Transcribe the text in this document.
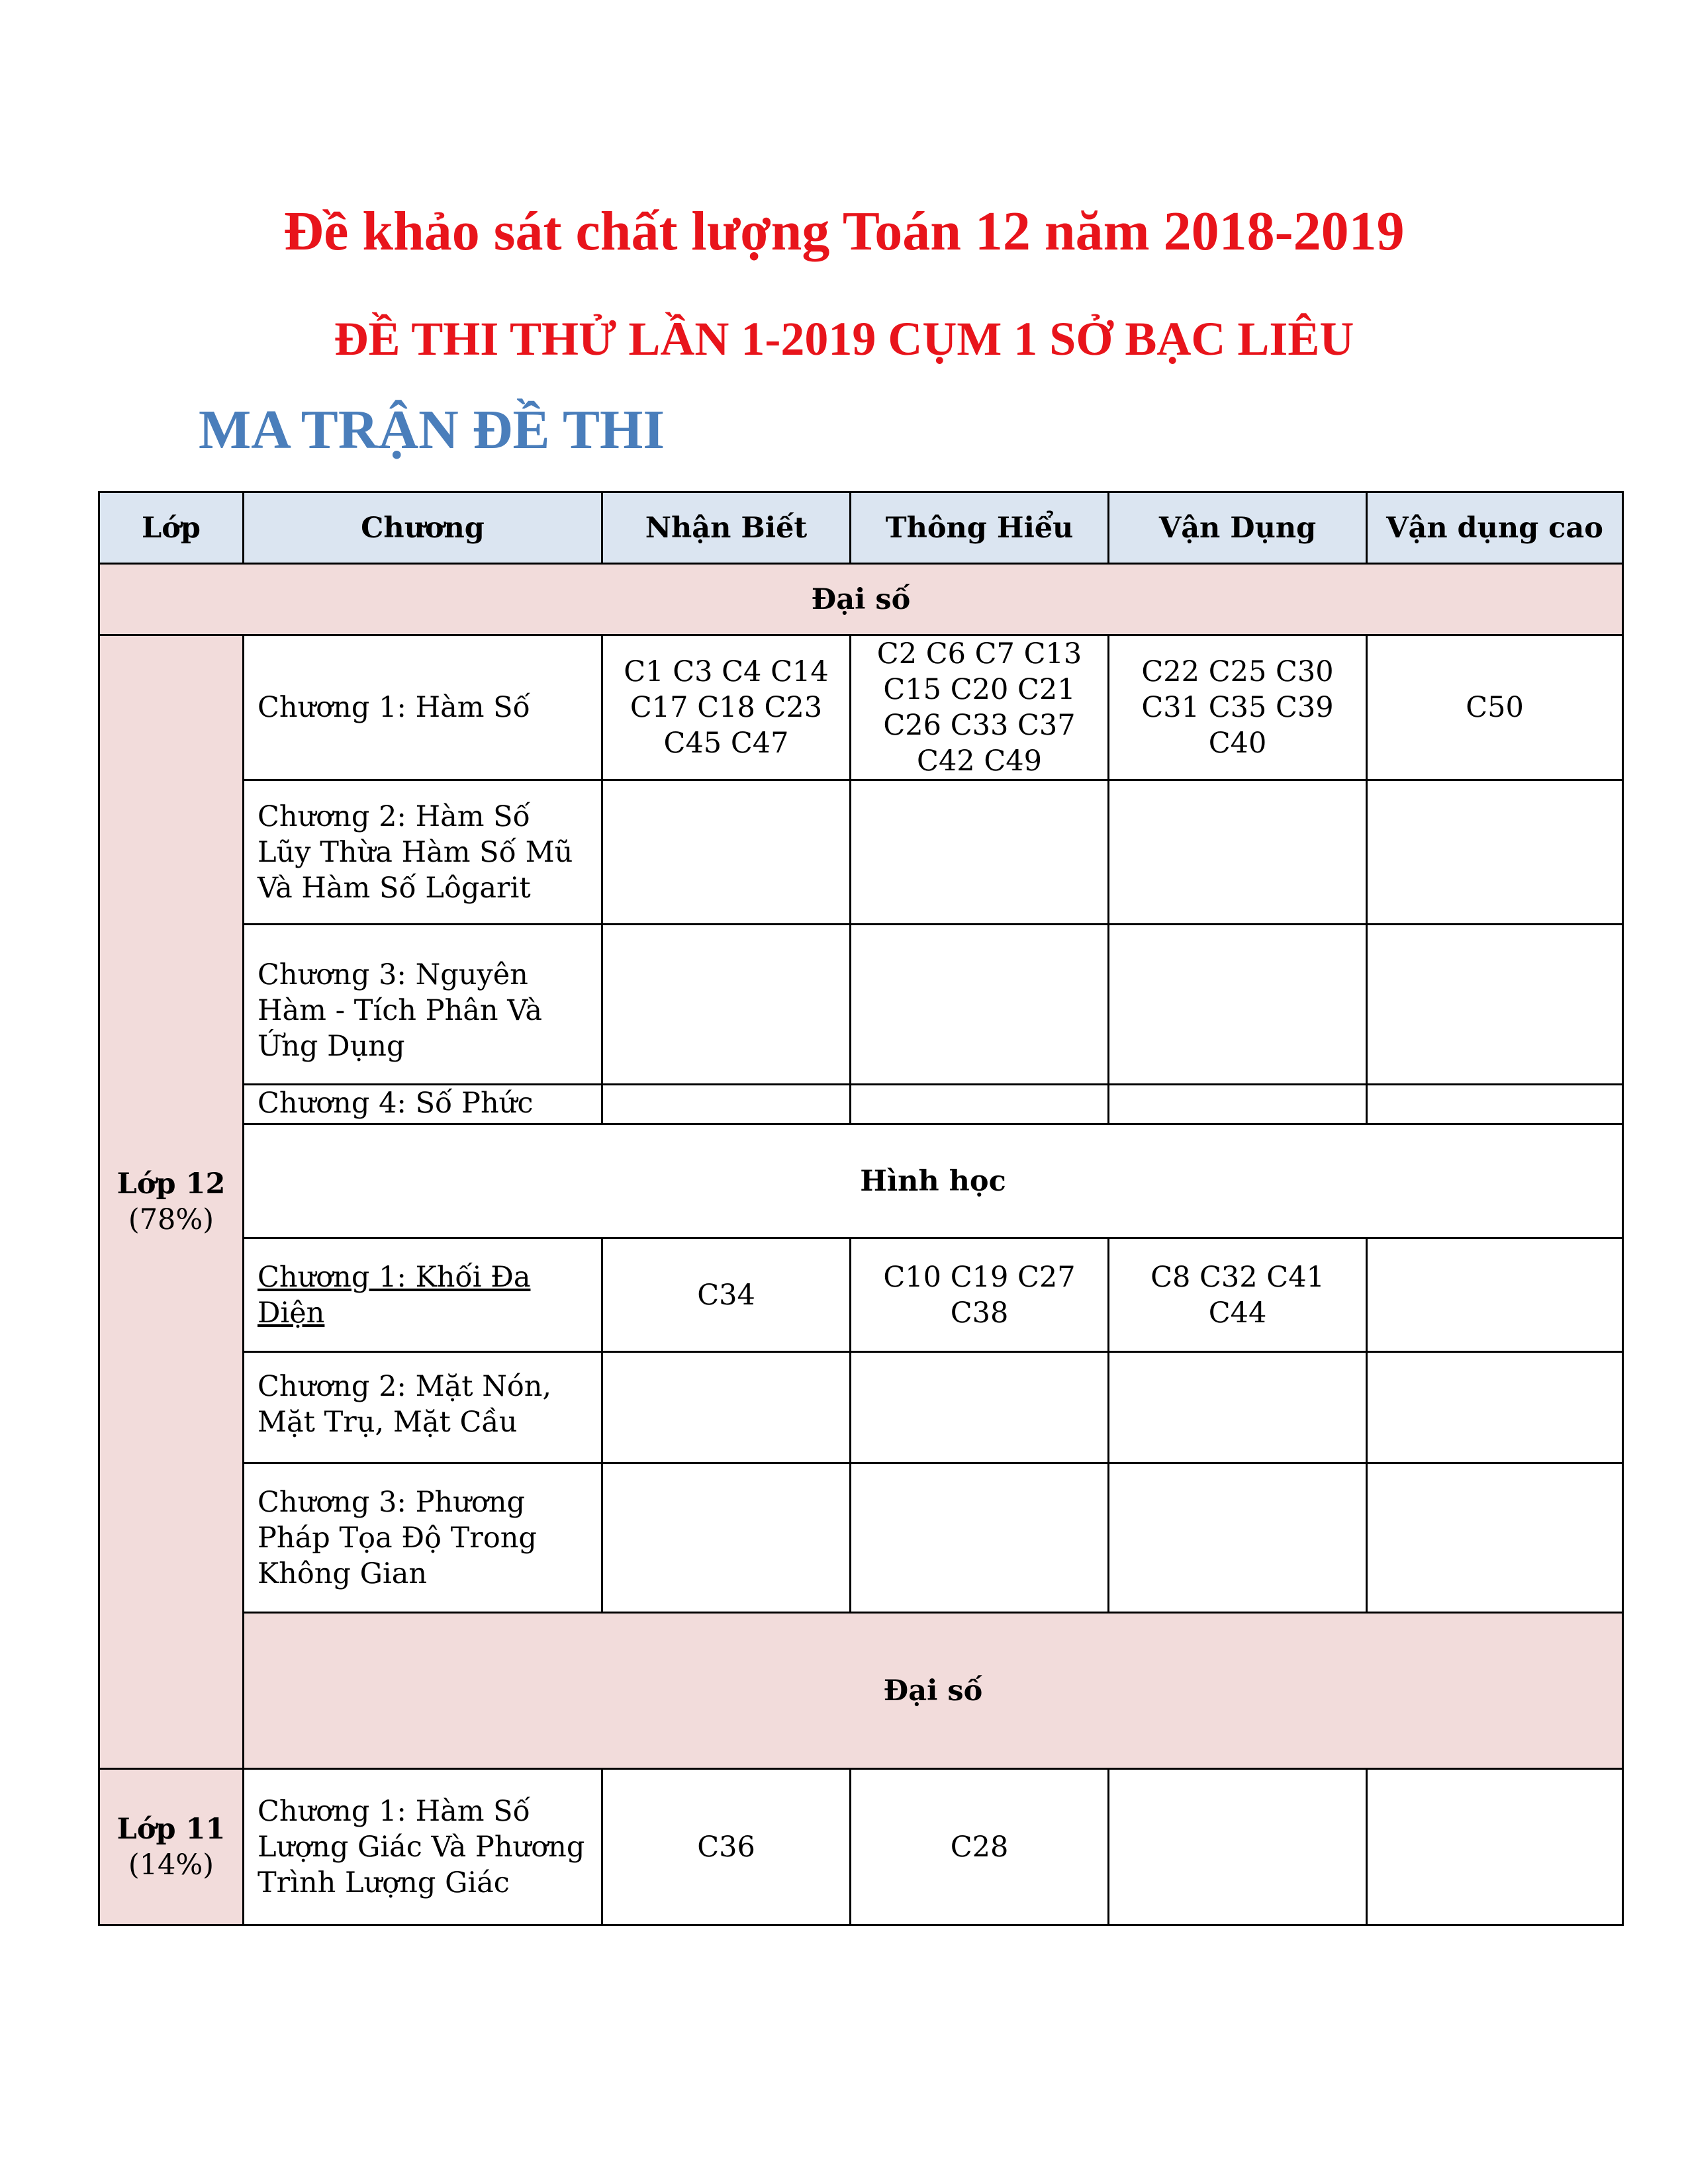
Đề khảo sát chất lượng Toán 12 năm 2018-2019
ĐỀ THI THỬ LẦN 1-2019 CỤM 1 SỞ BẠC LIÊU
MA TRẬN ĐỀ THI
Lớp	Chương	Nhận Biết	Thông Hiểu	Vận Dụng	Vận dụng cao
Đại số					

Lớp 12
(78%)	Chương 1: Hàm Số	C1 C3 C4 C14 C17 C18 C23 C45 C47	C2 C6 C7 C13 C15 C20 C21 C26 C33 C37 C42 C49	C22 C25 C30 C31 C35 C39 C40	C50
	Chương 2: Hàm Số Lũy Thừa Hàm Số Mũ Và Hàm Số Lôgarit				
	Chương 3: Nguyên Hàm - Tích Phân Và Ứng Dụng				
	Chương 4: Số Phức				
	Hình học				
	Chương 1: Khối Đa Diện	C34	C10 C19 C27 C38	C8 C32 C41 C44	
	Chương 2: Mặt Nón, Mặt Trụ, Mặt Cầu				
	Chương 3: Phương Pháp Tọa Độ Trong Không Gian				
	Đại số				

Lớp 11
(14%)	Chương 1: Hàm Số Lượng Giác Và Phương Trình Lượng Giác	C36	C28		
